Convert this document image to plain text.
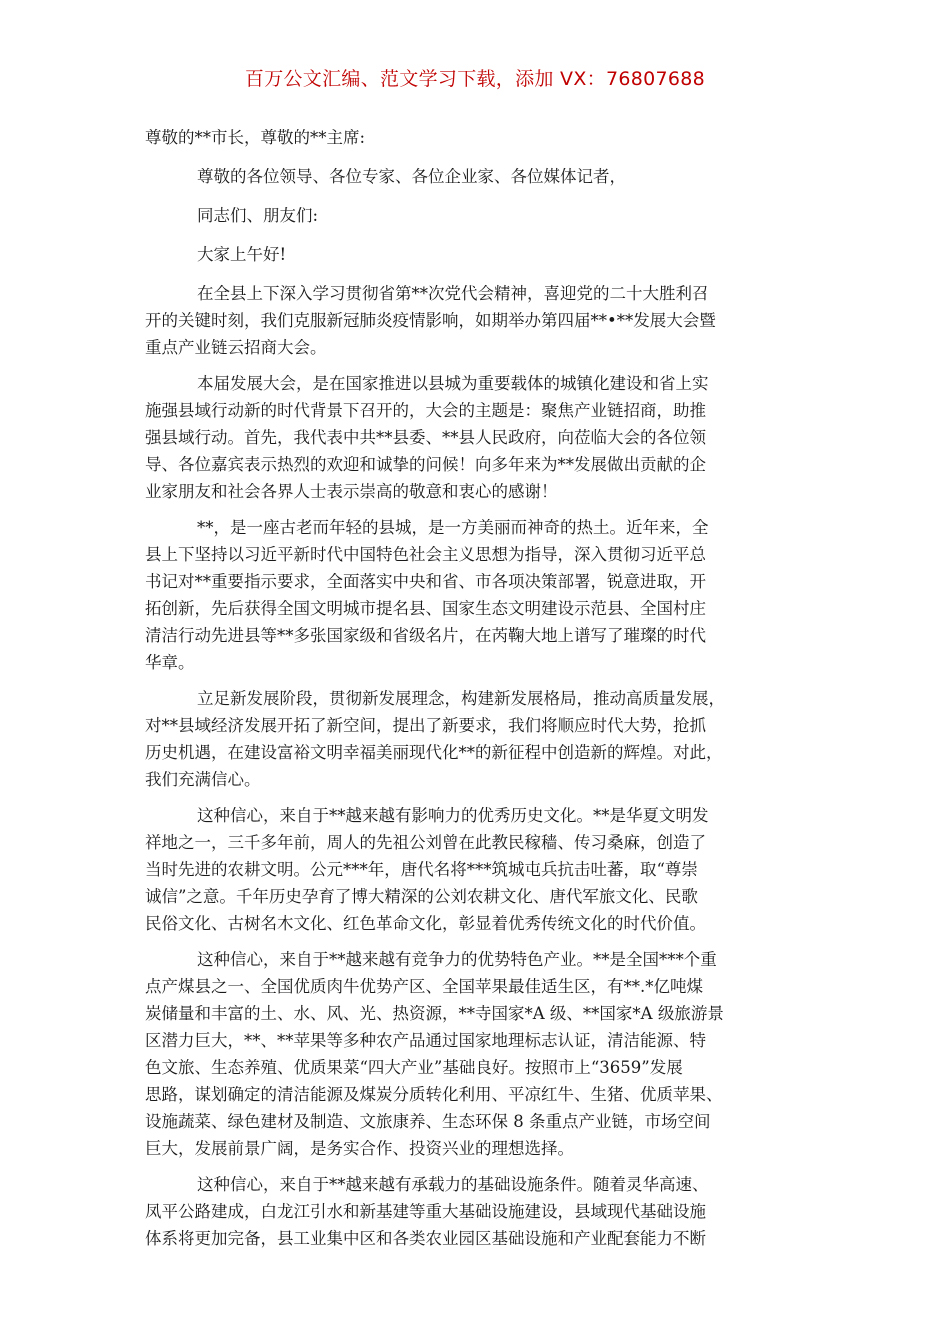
百万公文汇编、范文学习下载，添加 VX：76807688
尊敬的**市长，尊敬的**主席:
尊敬的各位领导、各位专家、各位企业家、各位媒体记者，
同志们、朋友们:
大家上午好!
在全县上下深入学习贯彻省第**次党代会精神，喜迎党的二十大胜利召
开的关键时刻，我们克服新冠肺炎疫情影响，如期举办第四届**•**发展大会暨
重点产业链云招商大会。
本届发展大会，是在国家推进以县城为重要载体的城镇化建设和省上实
施强县域行动新的时代背景下召开的，大会的主题是：聚焦产业链招商，助推
强县域行动。首先，我代表中共**县委、**县人民政府，向莅临大会的各位领
导、各位嘉宾表示热烈的欢迎和诚挚的问候！向多年来为**发展做出贡献的企
业家朋友和社会各界人士表示崇高的敬意和衷心的感谢！
**，是一座古老而年轻的县城，是一方美丽而神奇的热土。近年来，全
县上下坚持以习近平新时代中国特色社会主义思想为指导，深入贯彻习近平总
书记对**重要指示要求，全面落实中央和省、市各项决策部署，锐意进取，开
拓创新，先后获得全国文明城市提名县、国家生态文明建设示范县、全国村庄
清洁行动先进县等**多张国家级和省级名片，在芮鞠大地上谱写了璀璨的时代
华章。
立足新发展阶段，贯彻新发展理念，构建新发展格局，推动高质量发展，
对**县域经济发展开拓了新空间，提出了新要求，我们将顺应时代大势，抢抓
历史机遇，在建设富裕文明幸福美丽现代化**的新征程中创造新的辉煌。对此，
我们充满信心。
这种信心，来自于**越来越有影响力的优秀历史文化。**是华夏文明发
祥地之一，三千多年前，周人的先祖公刘曾在此教民稼穑、传习桑麻，创造了
当时先进的农耕文明。公元***年，唐代名将***筑城屯兵抗击吐蕃，取“尊崇
诚信”之意。千年历史孕育了博大精深的公刘农耕文化、唐代军旅文化、民歌
民俗文化、古树名木文化、红色革命文化，彰显着优秀传统文化的时代价值。
这种信心，来自于**越来越有竞争力的优势特色产业。**是全国***个重
点产煤县之一、全国优质肉牛优势产区、全国苹果最佳适生区，有**.*亿吨煤
炭储量和丰富的土、水、风、光、热资源，**寺国家*A 级、**国家*A 级旅游景
区潜力巨大，**、**苹果等多种农产品通过国家地理标志认证，清洁能源、特
色文旅、生态养殖、优质果菜“四大产业”基础良好。按照市上“3659”发展
思路，谋划确定的清洁能源及煤炭分质转化利用、平凉红牛、生猪、优质苹果、
设施蔬菜、绿色建材及制造、文旅康养、生态环保 8 条重点产业链，市场空间
巨大，发展前景广阔，是务实合作、投资兴业的理想选择。
这种信心，来自于**越来越有承载力的基础设施条件。随着灵华高速、
凤平公路建成，白龙江引水和新基建等重大基础设施建设，县域现代基础设施
体系将更加完备，县工业集中区和各类农业园区基础设施和产业配套能力不断
